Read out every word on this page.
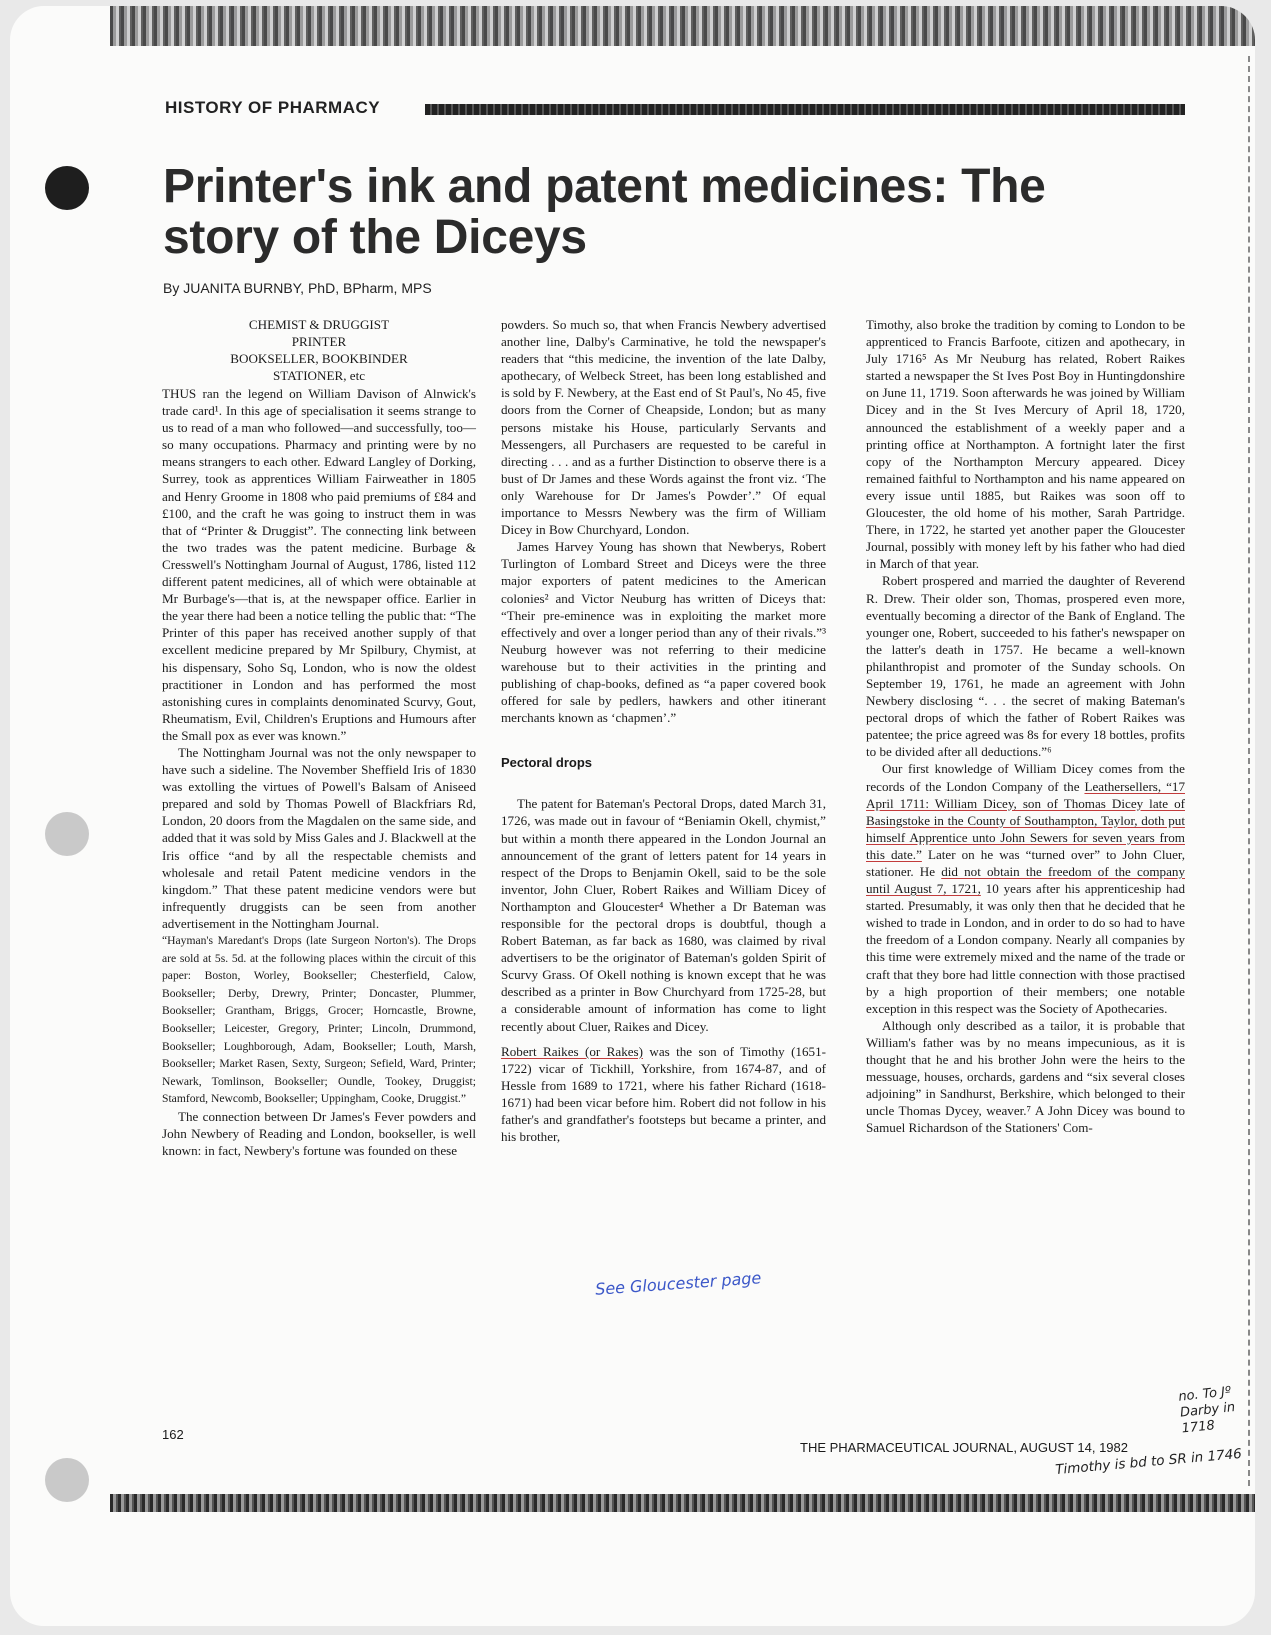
HISTORY OF PHARMACY
Printer's ink and patent medicines: The story of the Diceys
By JUANITA BURNBY, PhD, BPharm, MPS
CHEMIST & DRUGGIST
PRINTER
BOOKSELLER, BOOKBINDER
STATIONER, etc

THUS ran the legend on William Davison of Alnwick's trade card¹. In this age of specialisation it seems strange to us to read of a man who followed—and successfully, too—so many occupations. Pharmacy and printing were by no means strangers to each other. Edward Langley of Dorking, Surrey, took as apprentices William Fairweather in 1805 and Henry Groome in 1808 who paid premiums of £84 and £100, and the craft he was going to instruct them in was that of “Printer & Druggist”. The connecting link between the two trades was the patent medicine. Burbage & Cresswell's Nottingham Journal of August, 1786, listed 112 different patent medicines, all of which were obtainable at Mr Burbage's—that is, at the newspaper office. Earlier in the year there had been a notice telling the public that: “The Printer of this paper has received another supply of that excellent medicine prepared by Mr Spilbury, Chymist, at his dispensary, Soho Sq, London, who is now the oldest practitioner in London and has performed the most astonishing cures in complaints denominated Scurvy, Gout, Rheumatism, Evil, Children's Eruptions and Humours after the Small pox as ever was known.”

The Nottingham Journal was not the only newspaper to have such a sideline. The November Sheffield Iris of 1830 was extolling the virtues of Powell's Balsam of Aniseed prepared and sold by Thomas Powell of Blackfriars Rd, London, 20 doors from the Magdalen on the same side, and added that it was sold by Miss Gales and J. Blackwell at the Iris office “and by all the respectable chemists and wholesale and retail Patent medicine vendors in the kingdom.” That these patent medicine vendors were but infrequently druggists can be seen from another advertisement in the Nottingham Journal.

“Hayman's Maredant's Drops (late Surgeon Norton's). The Drops are sold at 5s. 5d. at the following places within the circuit of this paper: Boston, Worley, Bookseller; Chesterfield, Calow, Bookseller; Derby, Drewry, Printer; Doncaster, Plummer, Bookseller; Grantham, Briggs, Grocer; Horncastle, Browne, Bookseller; Leicester, Gregory, Printer; Lincoln, Drummond, Bookseller; Loughborough, Adam, Bookseller; Louth, Marsh, Bookseller; Market Rasen, Sexty, Surgeon; Sefield, Ward, Printer; Newark, Tomlinson, Bookseller; Oundle, Tookey, Druggist; Stamford, Newcomb, Bookseller; Uppingham, Cooke, Druggist.”

The connection between Dr James's Fever powders and John Newbery of Reading and London, bookseller, is well known: in fact, Newbery's fortune was founded on these

powders. So much so, that when Francis Newbery advertised another line, Dalby's Carminative, he told the newspaper's readers that “this medicine, the invention of the late Dalby, apothecary, of Welbeck Street, has been long established and is sold by F. Newbery, at the East end of St Paul's, No 45, five doors from the Corner of Cheapside, London; but as many persons mistake his House, particularly Servants and Messengers, all Purchasers are requested to be careful in directing . . . and as a further Distinction to observe there is a bust of Dr James and these Words against the front viz. ‘The only Warehouse for Dr James's Powder’.” Of equal importance to Messrs Newbery was the firm of William Dicey in Bow Churchyard, London.

James Harvey Young has shown that Newberys, Robert Turlington of Lombard Street and Diceys were the three major exporters of patent medicines to the American colonies² and Victor Neuburg has written of Diceys that: “Their pre-eminence was in exploiting the market more effectively and over a longer period than any of their rivals.”³ Neuburg however was not referring to their medicine warehouse but to their activities in the printing and publishing of chap-books, defined as “a paper covered book offered for sale by pedlers, hawkers and other itinerant merchants known as ‘chapmen’.”

Pectoral drops

The patent for Bateman's Pectoral Drops, dated March 31, 1726, was made out in favour of “Beniamin Okell, chymist,” but within a month there appeared in the London Journal an announcement of the grant of letters patent for 14 years in respect of the Drops to Benjamin Okell, said to be the sole inventor, John Cluer, Robert Raikes and William Dicey of Northampton and Gloucester⁴ Whether a Dr Bateman was responsible for the pectoral drops is doubtful, though a Robert Bateman, as far back as 1680, was claimed by rival advertisers to be the originator of Bateman's golden Spirit of Scurvy Grass. Of Okell nothing is known except that he was described as a printer in Bow Churchyard from 1725-28, but a considerable amount of information has come to light recently about Cluer, Raikes and Dicey.

Robert Raikes (or Rakes) was the son of Timothy (1651-1722) vicar of Tickhill, Yorkshire, from 1674-87, and of Hessle from 1689 to 1721, where his father Richard (1618-1671) had been vicar before him. Robert did not follow in his father's and grandfather's footsteps but became a printer, and his brother,

Timothy, also broke the tradition by coming to London to be apprenticed to Francis Barfoote, citizen and apothecary, in July 1716⁵ As Mr Neuburg has related, Robert Raikes started a newspaper the St Ives Post Boy in Huntingdonshire on June 11, 1719. Soon afterwards he was joined by William Dicey and in the St Ives Mercury of April 18, 1720, announced the establishment of a weekly paper and a printing office at Northampton. A fortnight later the first copy of the Northampton Mercury appeared. Dicey remained faithful to Northampton and his name appeared on every issue until 1885, but Raikes was soon off to Gloucester, the old home of his mother, Sarah Partridge. There, in 1722, he started yet another paper the Gloucester Journal, possibly with money left by his father who had died in March of that year.

Robert prospered and married the daughter of Reverend R. Drew. Their older son, Thomas, prospered even more, eventually becoming a director of the Bank of England. The younger one, Robert, succeeded to his father's newspaper on the latter's death in 1757. He became a well-known philanthropist and promoter of the Sunday schools. On September 19, 1761, he made an agreement with John Newbery disclosing “. . . the secret of making Bateman's pectoral drops of which the father of Robert Raikes was patentee; the price agreed was 8s for every 18 bottles, profits to be divided after all deductions.”⁶

Our first knowledge of William Dicey comes from the records of the London Company of the Leathersellers, “17 April 1711: William Dicey, son of Thomas Dicey late of Basingstoke in the County of Southampton, Taylor, doth put himself Apprentice unto John Sewers for seven years from this date.” Later on he was “turned over” to John Cluer, stationer. He did not obtain the freedom of the company until August 7, 1721, 10 years after his apprenticeship had started. Presumably, it was only then that he decided that he wished to trade in London, and in order to do so had to have the freedom of a London company. Nearly all companies by this time were extremely mixed and the name of the trade or craft that they bore had little connection with those practised by a high proportion of their members; one notable exception in this respect was the Society of Apothecaries.

Although only described as a tailor, it is probable that William's father was by no means impecunious, as it is thought that he and his brother John were the heirs to the messuage, houses, orchards, gardens and “six several closes adjoining” in Sandhurst, Berkshire, which belonged to their uncle Thomas Dycey, weaver.⁷ A John Dicey was bound to Samuel Richardson of the Stationers' Com-

See Gloucester page
no. To Jº Darby in 1718
Timothy is bd to SR in 1746
162
THE PHARMACEUTICAL JOURNAL, AUGUST 14, 1982
